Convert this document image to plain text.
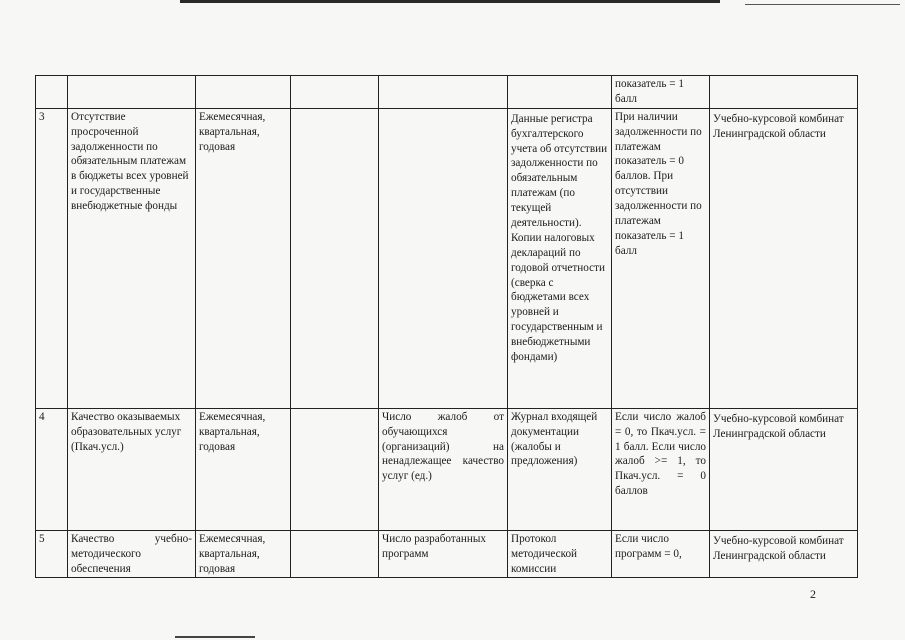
						показатель = 1 балл	
3	Отсутствие просроченной задолженности по обязательным платежам в бюджеты всех уровней и государственные внебюджетные фонды	Ежемесячная, квартальная, годовая			Данные регистра бухгалтерского учета об отсутствии задолженности по обязательным платежам (по текущей деятельности). Копии налоговых деклараций по годовой отчетности (сверка с бюджетами всех уровней и государственным и внебюджетными фондами)	При наличии задолженности по платежам показатель = 0 баллов. При отсутствии задолженности по платежам показатель = 1 балл	Учебно-курсовой комбинат Ленинградской области

4	Качество оказываемых образовательных услуг (Пкач.усл.)	Ежемесячная, квартальная, годовая		Число жалоб от обучающихся (организаций) на ненадлежащее качество услуг (ед.)	Журнал входящей документации (жалобы и предложения)	Если число жалоб = 0, то Пкач.усл. = 1 балл. Если число жалоб >= 1, то Пкач.усл. = 0 баллов	Учебно-курсовой комбинат Ленинградской области

5	Качество учебно-методического обеспечения	Ежемесячная, квартальная, годовая		Число разработанных программ	Протокол методической комиссии	Если число программ = 0,	Учебно-курсовой комбинат Ленинградской области
2
